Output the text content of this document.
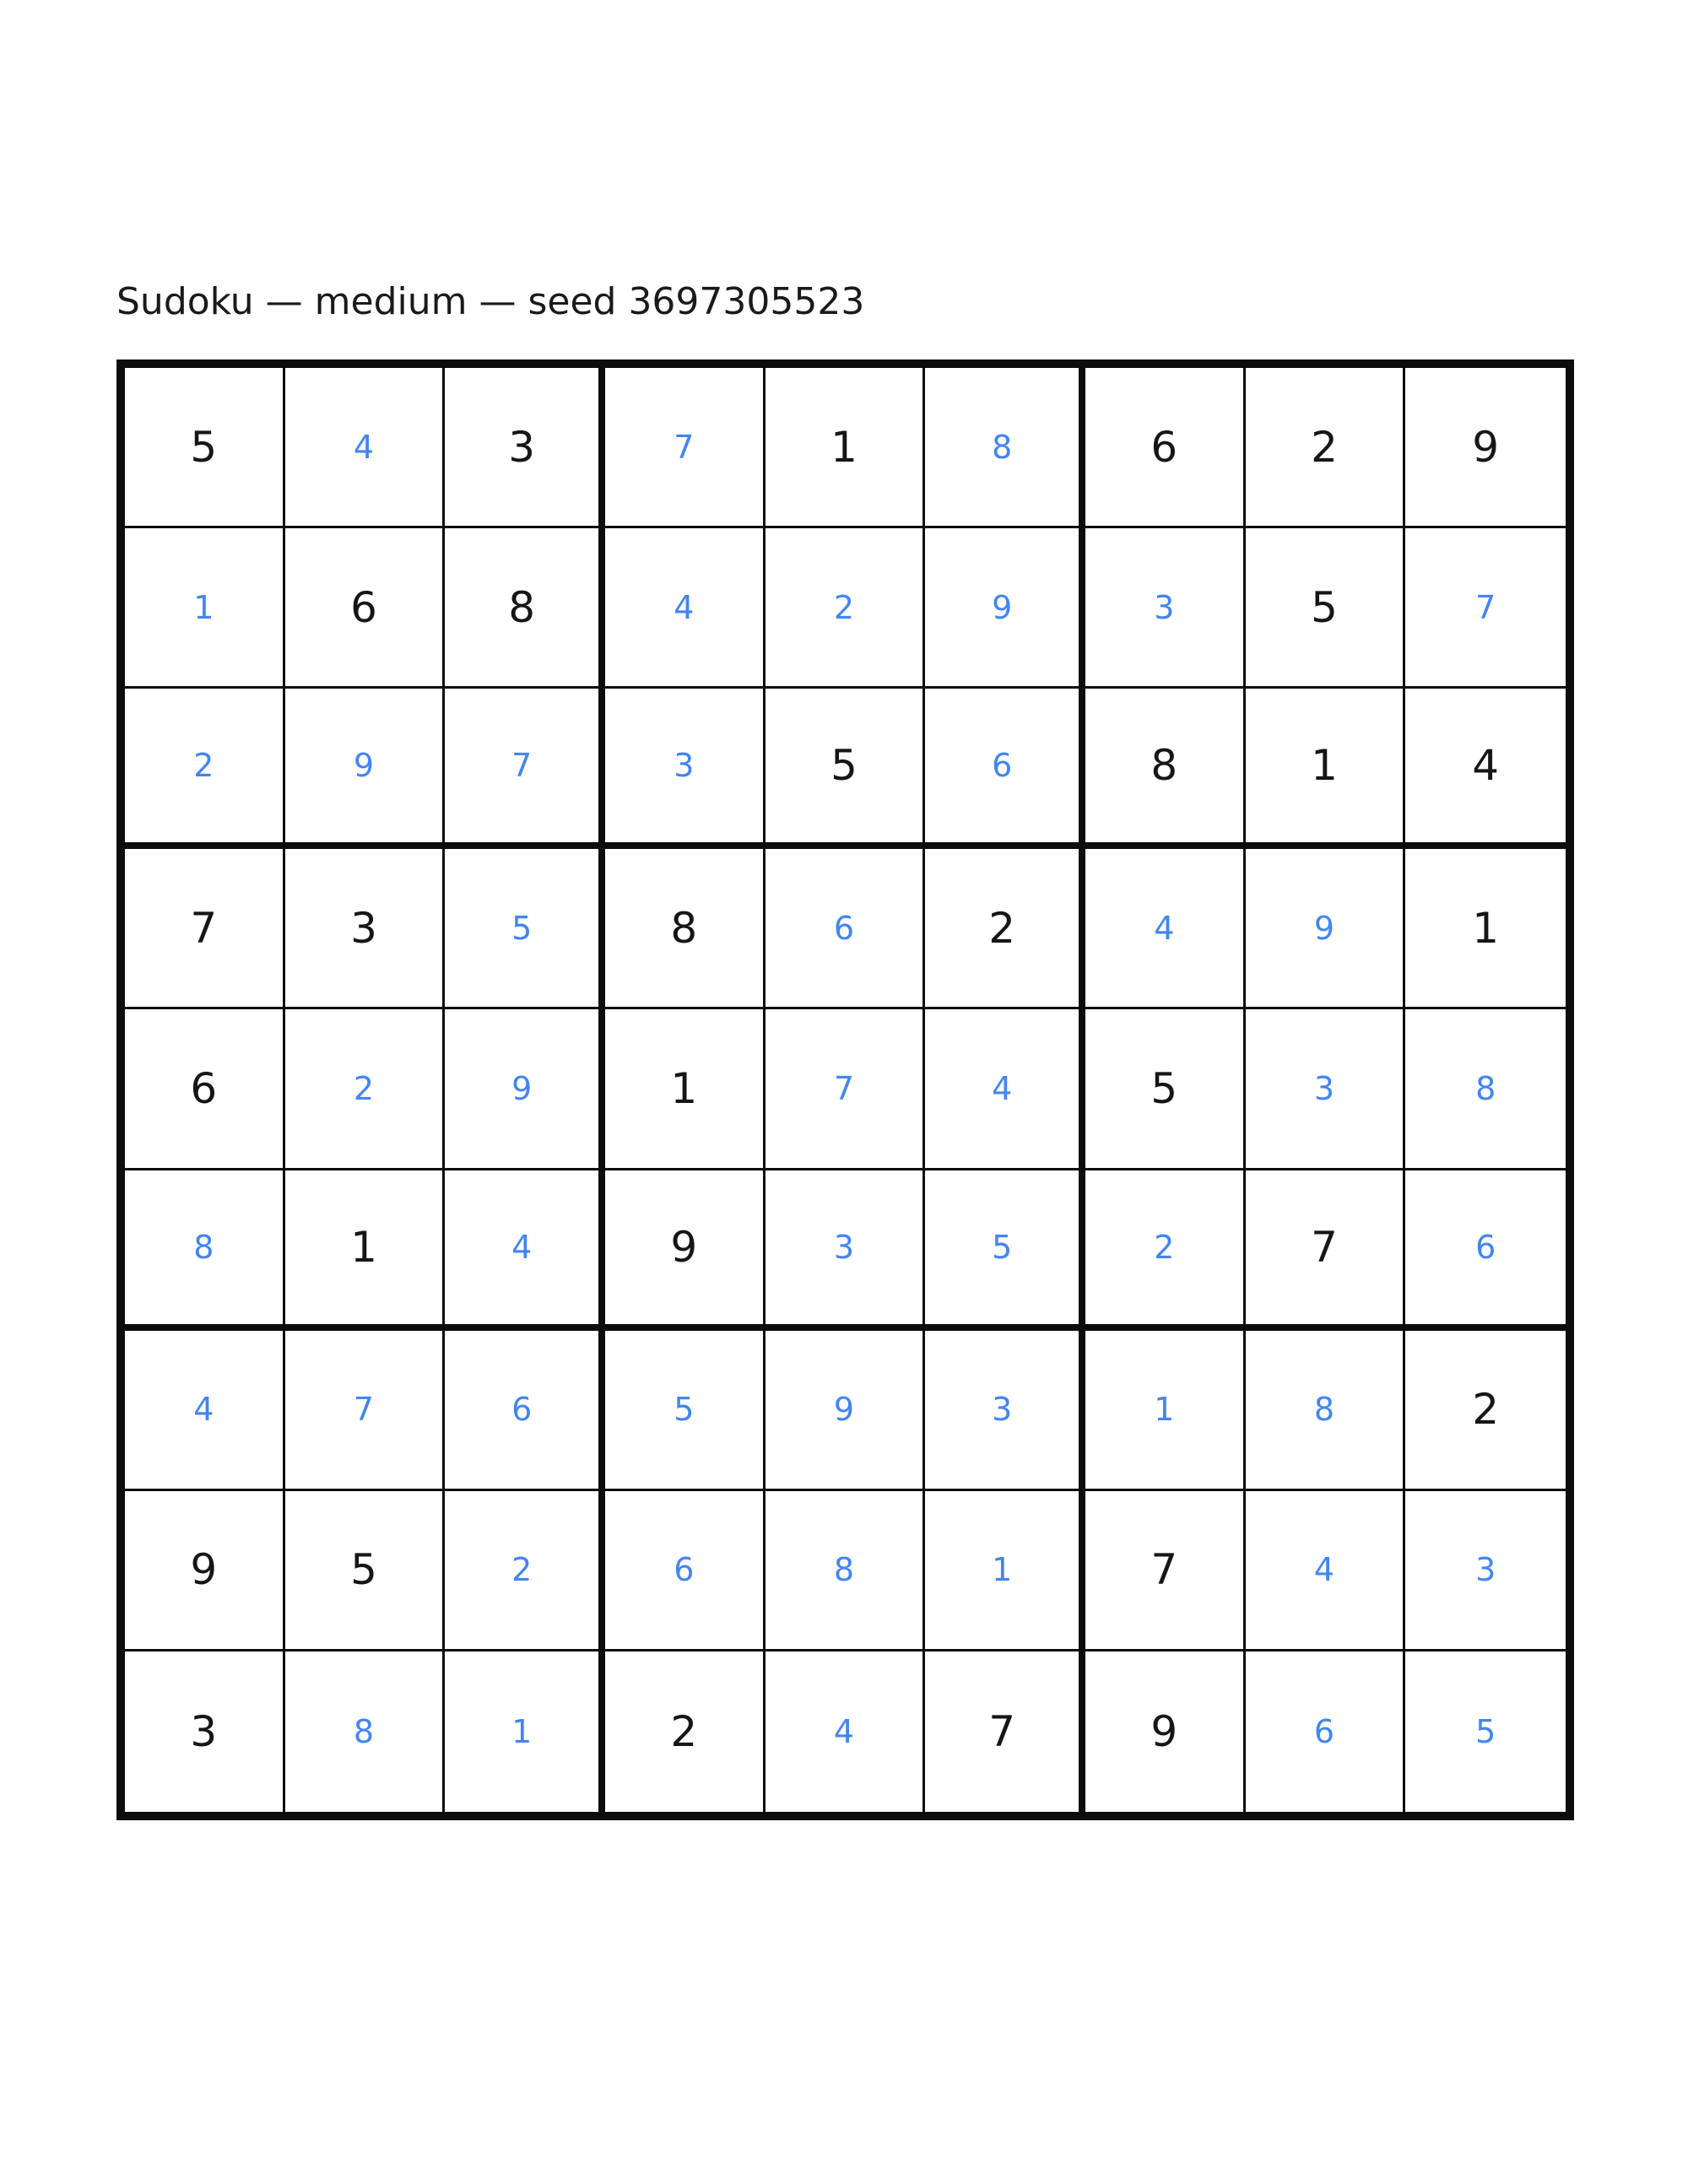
Sudoku — medium — seed 3697305523
5	4	3	7	1	8	6	2	9
1	6	8	4	2	9	3	5	7
2	9	7	3	5	6	8	1	4
7	3	5	8	6	2	4	9	1
6	2	9	1	7	4	5	3	8
8	1	4	9	3	5	2	7	6
4	7	6	5	9	3	1	8	2
9	5	2	6	8	1	7	4	3
3	8	1	2	4	7	9	6	5
